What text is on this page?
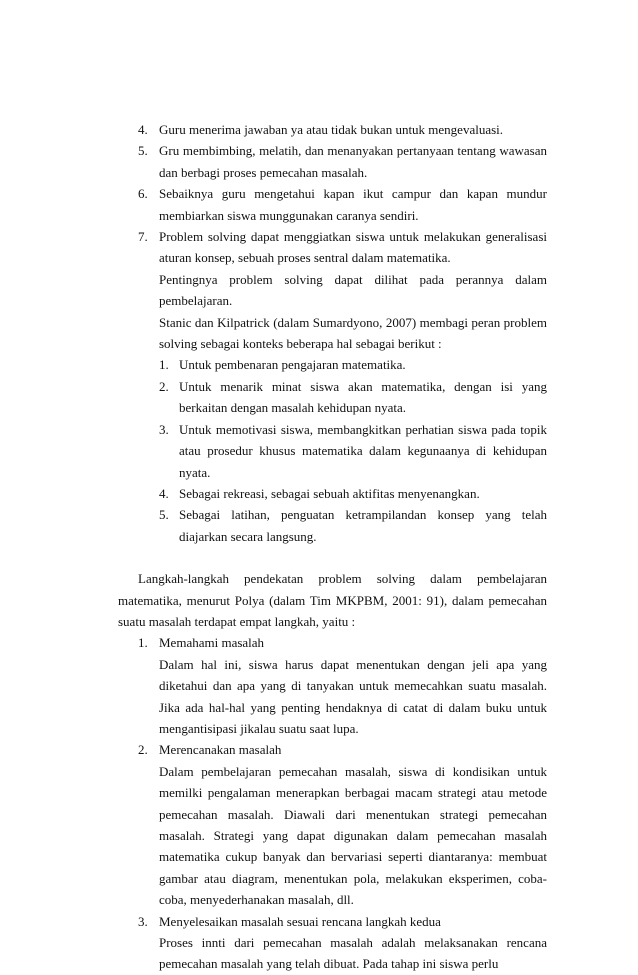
4. Guru menerima jawaban ya atau tidak bukan untuk mengevaluasi.
5. Gru membimbing, melatih, dan menanyakan pertanyaan tentang wawasan dan berbagi proses pemecahan masalah.
6. Sebaiknya guru mengetahui kapan ikut campur dan kapan mundur membiarkan siswa munggunakan caranya sendiri.
7. Problem solving dapat menggiatkan siswa untuk melakukan generalisasi aturan konsep, sebuah proses sentral dalam matematika.

Pentingnya problem solving dapat dilihat pada perannya dalam pembelajaran.

Stanic dan Kilpatrick (dalam Sumardyono, 2007) membagi peran problem solving sebagai konteks beberapa hal sebagai berikut :

1. Untuk pembenaran pengajaran matematika.
2. Untuk menarik minat siswa akan matematika, dengan isi yang berkaitan dengan masalah kehidupan nyata.
3. Untuk memotivasi siswa, membangkitkan perhatian siswa pada topik atau prosedur khusus matematika dalam kegunaanya di kehidupan nyata.
4. Sebagai rekreasi, sebagai sebuah aktifitas menyenangkan.
5. Sebagai latihan, penguatan ketrampilandan konsep yang telah diajarkan secara langsung.

Langkah-langkah pendekatan problem solving dalam pembelajaran matematika, menurut Polya (dalam Tim MKPBM, 2001: 91), dalam pemecahan suatu masalah terdapat empat langkah, yaitu :

1. Memahami masalah
Dalam hal ini, siswa harus dapat menentukan dengan jeli apa yang diketahui dan apa yang di tanyakan untuk memecahkan suatu masalah. Jika ada hal-hal yang penting hendaknya di catat di dalam buku untuk mengantisipasi jikalau suatu saat lupa.
2. Merencanakan masalah
Dalam pembelajaran pemecahan masalah, siswa di kondisikan untuk memilki pengalaman menerapkan berbagai macam strategi atau metode pemecahan masalah. Diawali dari menentukan strategi pemecahan masalah. Strategi yang dapat digunakan dalam pemecahan masalah matematika cukup banyak dan bervariasi seperti diantaranya: membuat gambar atau diagram, menentukan pola, melakukan eksperimen, coba-coba, menyederhanakan masalah, dll.
3. Menyelesaikan masalah sesuai rencana langkah kedua
Proses innti dari pemecahan masalah adalah melaksanakan rencana pemecahan masalah yang telah dibuat. Pada tahap ini siswa perlu
